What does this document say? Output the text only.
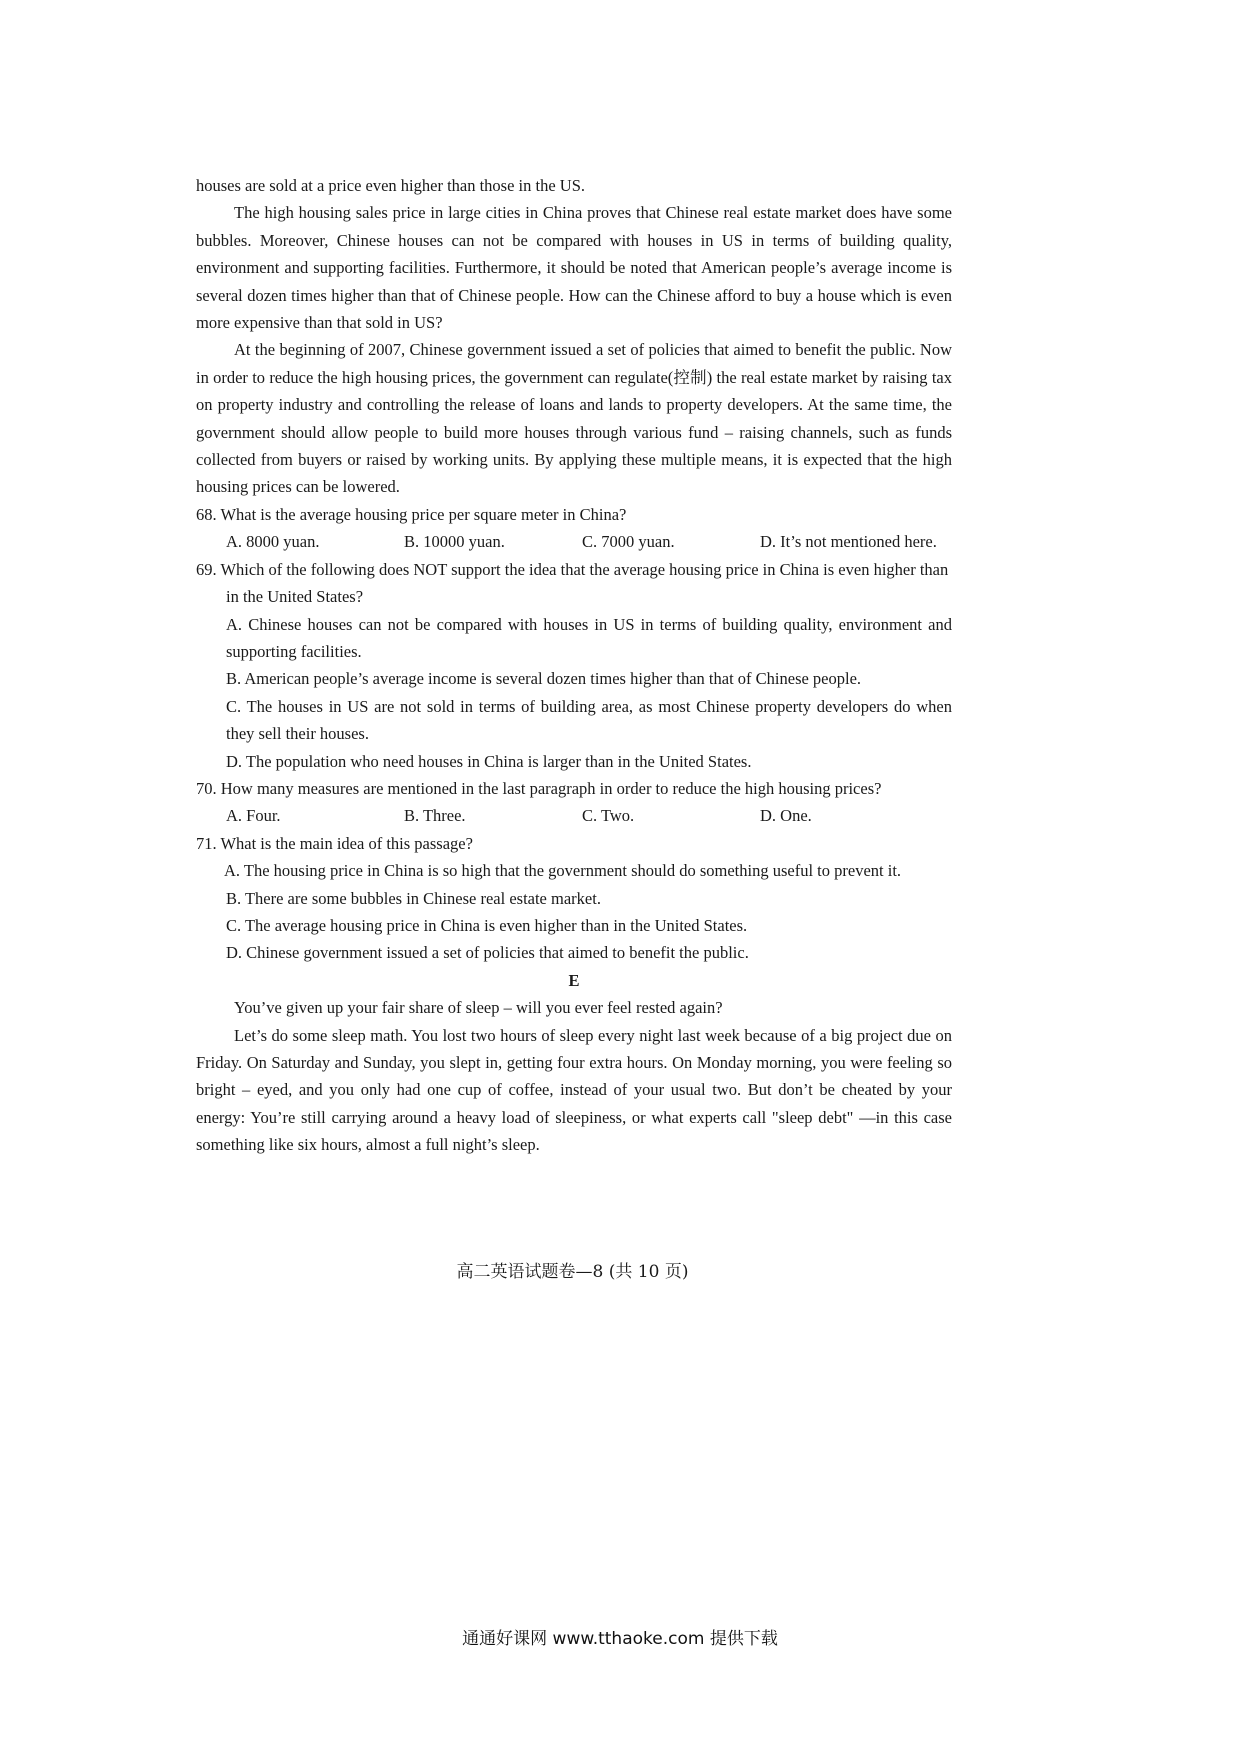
houses are sold at a price even higher than those in the US.

The high housing sales price in large cities in China proves that Chinese real estate market does have some bubbles. Moreover, Chinese houses can not be compared with houses in US in terms of building quality, environment and supporting facilities. Furthermore, it should be noted that American people’s average income is several dozen times higher than that of Chinese people. How can the Chinese afford to buy a house which is even more expensive than that sold in US?

At the beginning of 2007, Chinese government issued a set of policies that aimed to benefit the public. Now in order to reduce the high housing prices, the government can regulate(控制) the real estate market by raising tax on property industry and controlling the release of loans and lands to property developers. At the same time, the government should allow people to build more houses through various fund – raising channels, such as funds collected from buyers or raised by working units. By applying these multiple means, it is expected that the high housing prices can be lowered.

68. What is the average housing price per square meter in China?

A. 8000 yuan.	B. 10000 yuan.	C. 7000 yuan.	D. It’s not mentioned here.

69. Which of the following does NOT support the idea that the average housing price in China is even higher than in the United States?

A. Chinese houses can not be compared with houses in US in terms of building quality, environment and supporting facilities.

B. American people’s average income is several dozen times higher than that of Chinese people.

C. The houses in US are not sold in terms of building area, as most Chinese property developers do when they sell their houses.

D. The population who need houses in China is larger than in the United States.

70. How many measures are mentioned in the last paragraph in order to reduce the high housing prices?

A. Four.	B. Three.	C. Two.	D. One.

71. What is the main idea of this passage?

A. The housing price in China is so high that the government should do something useful to prevent it.

B. There are some bubbles in Chinese real estate market.

C. The average housing price in China is even higher than in the United States.

D. Chinese government issued a set of policies that aimed to benefit the public.

E

You’ve given up your fair share of sleep – will you ever feel rested again?

Let’s do some sleep math. You lost two hours of sleep every night last week because of a big project due on Friday. On Saturday and Sunday, you slept in, getting four extra hours. On Monday morning, you were feeling so bright – eyed, and you only had one cup of coffee, instead of your usual two. But don’t be cheated by your energy: You’re still carrying around a heavy load of sleepiness, or what experts call "sleep debt" —in this case something like six hours, almost a full night’s sleep.

高二英语试题卷—8 (共 10 页)
通通好课网 www.tthaoke.com 提供下载
